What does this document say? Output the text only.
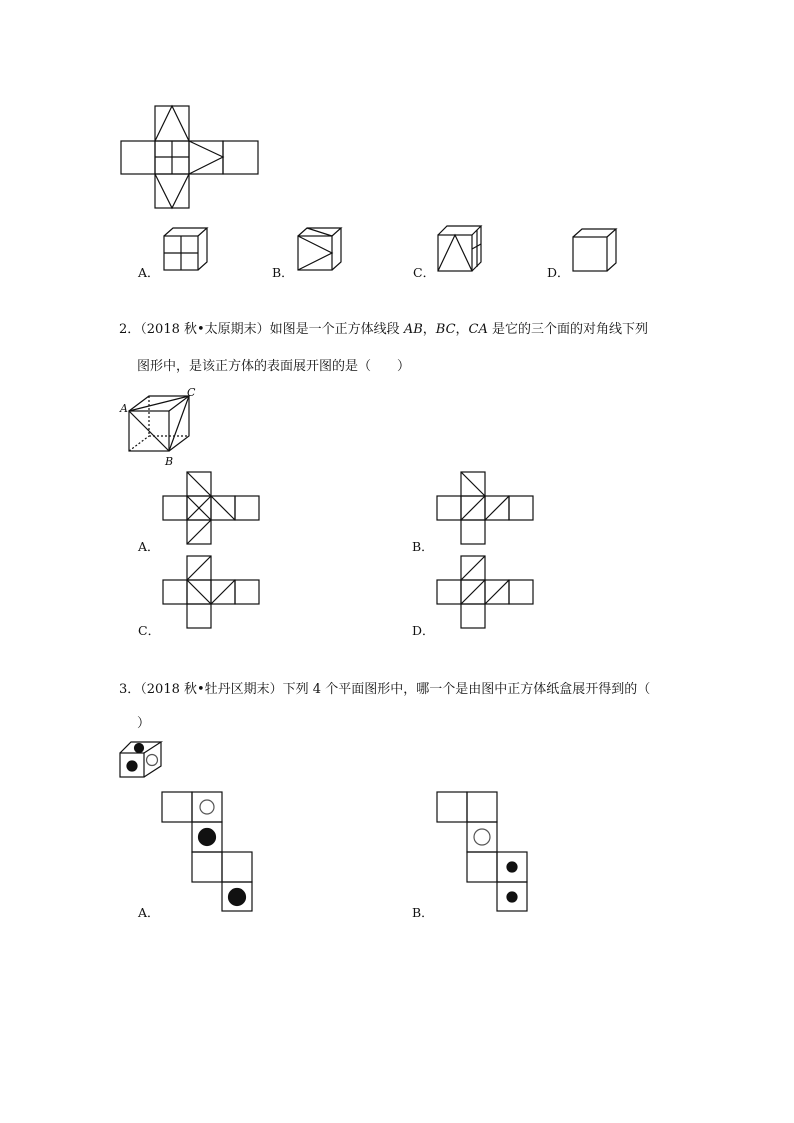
A．	B．	C．	D．
2．（2018 秋•太原期末）如图是一个正方体线段 AB，BC，CA 是它的三个面的对角线下列
图形中，是该正方体的表面展开图的是（　　）
A
C
B
A．	B．
C．	D．
3．（2018 秋•牡丹区期末）下列 4 个平面图形中，哪一个是由图中正方体纸盒展开得到的（
）
A．	B．
